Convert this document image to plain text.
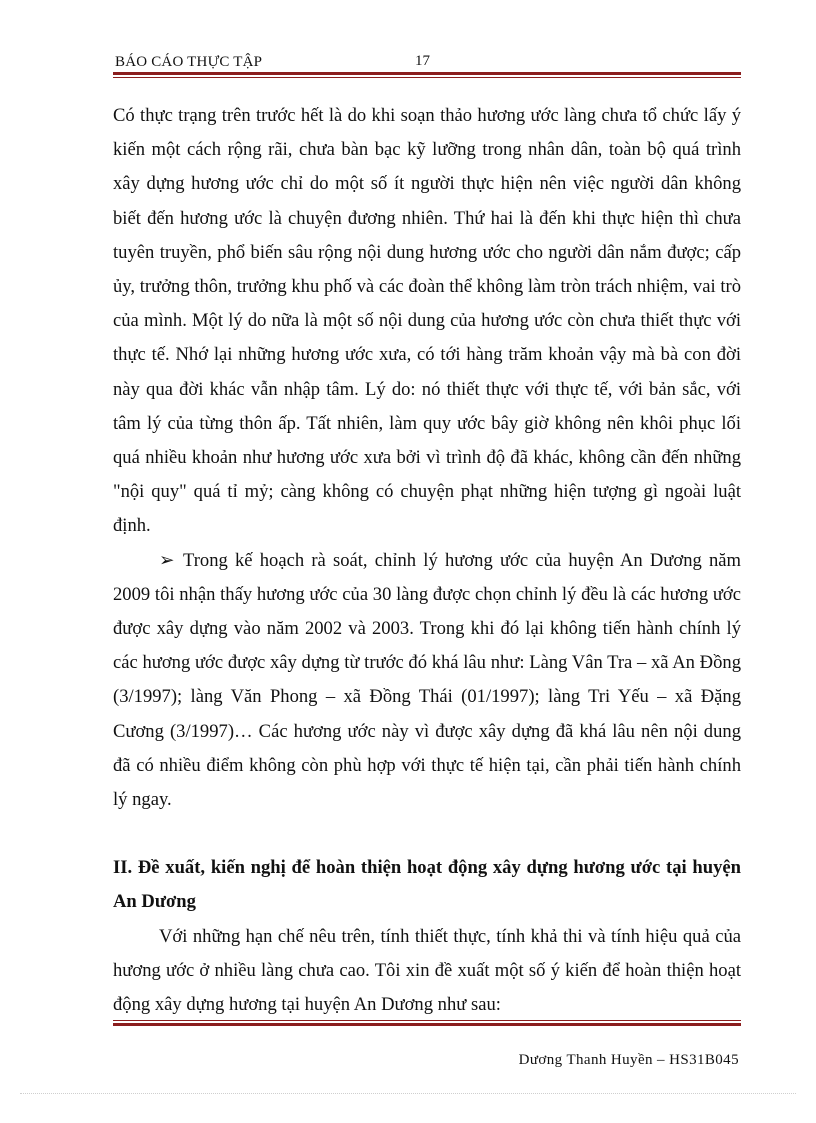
BÁO CÁO THỰC TẬP	17

Có thực trạng trên trước hết là do khi soạn thảo hương ước làng chưa tổ chức lấy ý kiến một cách rộng rãi, chưa bàn bạc kỹ lưỡng trong nhân dân, toàn bộ quá trình xây dựng hương ước chỉ do một số ít người thực hiện nên việc người dân không biết đến hương ước là chuyện đương nhiên. Thứ hai là đến khi thực hiện thì chưa tuyên truyền, phổ biến sâu rộng nội dung hương ước cho người dân nắm được; cấp ủy, trưởng thôn, trưởng khu phố và các đoàn thể không làm tròn trách nhiệm, vai trò của mình. Một lý do nữa là một số nội dung của hương ước còn chưa thiết thực với thực tế. Nhớ lại những hương ước xưa, có tới hàng trăm khoản vậy mà bà con đời này qua đời khác vẫn nhập tâm. Lý do: nó thiết thực với thực tế, với bản sắc, với tâm lý của từng thôn ấp. Tất nhiên, làm quy ước bây giờ không nên khôi phục lối quá nhiều khoản như hương ước xưa bởi vì trình độ đã khác, không cần đến những "nội quy" quá tỉ mỷ; càng không có chuyện phạt những hiện tượng gì ngoài luật định.

➢ Trong kế hoạch rà soát, chỉnh lý hương ước của huyện An Dương năm 2009 tôi nhận thấy hương ước của 30 làng được chọn chỉnh lý đều là các hương ước được xây dựng vào năm 2002 và 2003. Trong khi đó lại không tiến hành chính lý các hương ước được xây dựng từ trước đó khá lâu như: Làng Vân Tra – xã An Đồng (3/1997); làng Văn Phong – xã Đồng Thái (01/1997); làng Tri Yếu – xã Đặng Cương (3/1997)… Các hương ước này vì được xây dựng đã khá lâu nên nội dung đã có nhiều điểm không còn phù hợp với thực tế hiện tại, cần phải tiến hành chính lý ngay.

II. Đề xuất, kiến nghị để hoàn thiện hoạt động xây dựng hương ước tại huyện An Dương

Với những hạn chế nêu trên, tính thiết thực, tính khả thi và tính hiệu quả của hương ước ở nhiều làng chưa cao. Tôi xin đề xuất một số ý kiến để hoàn thiện hoạt động xây dựng hương tại huyện An Dương như sau:

Dương Thanh Huyền – HS31B045
